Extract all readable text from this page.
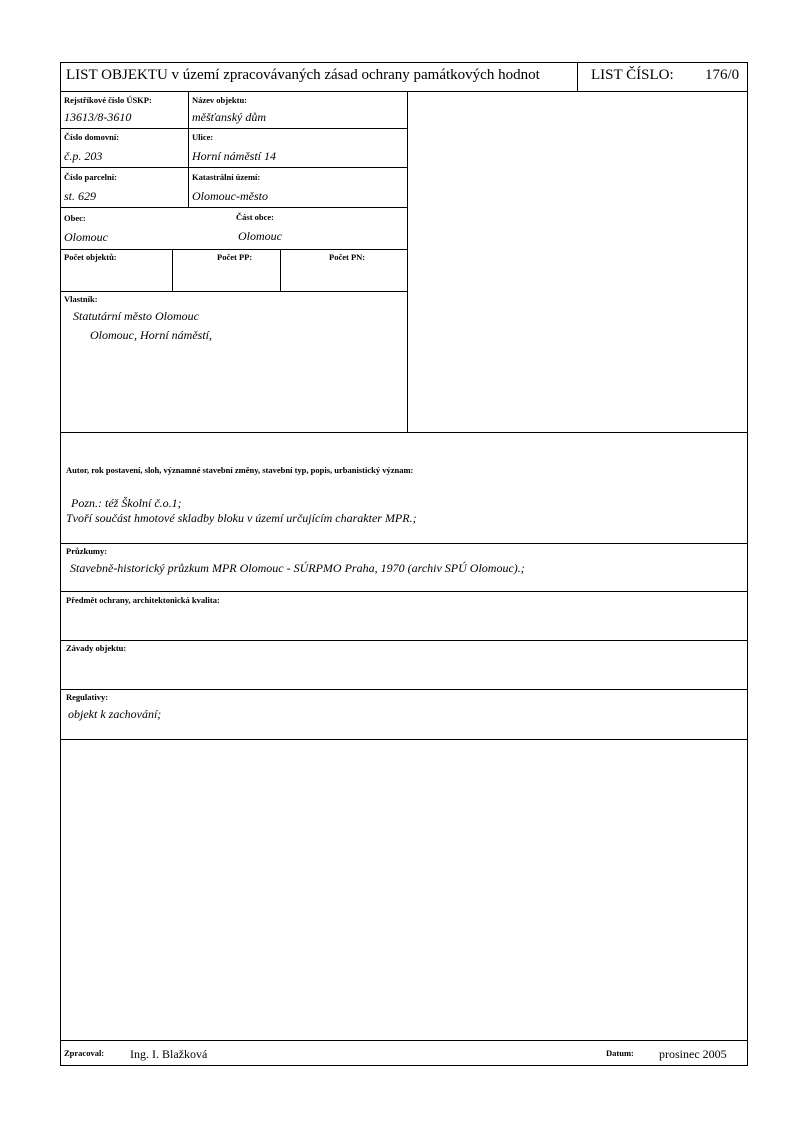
LIST OBJEKTU v území zpracovávaných zásad ochrany památkových hodnot	LIST ČÍSLO: 176/0
Rejstříkové číslo ÚSKP:
13613/8-3610
Název objektu:
měšťanský dům
Číslo domovní:
č.p. 203
Ulice:
Horní náměstí 14
Číslo parcelní:
st. 629
Katastrální území:
Olomouc-město
Obec:
Olomouc
Část obce:
Olomouc
Počet objektů:	Počet PP:	Počet PN:
Vlastník:
Statutární město Olomouc
Olomouc, Horní náměstí,
Autor, rok postavení, sloh, významné stavební změny, stavební typ, popis, urbanistický význam:
Pozn.: též Školní č.o.1;
Tvoří součást hmotové skladby bloku v území určujícím charakter MPR.;
Průzkumy:
Stavebně-historický průzkum MPR Olomouc - SÚRPMO Praha, 1970 (archiv SPÚ Olomouc).;
Předmět ochrany, architektonická kvalita:
Závady objektu:
Regulativy:
objekt k zachování;
Zpracoval: Ing. I. Blažková	Datum: prosinec 2005
